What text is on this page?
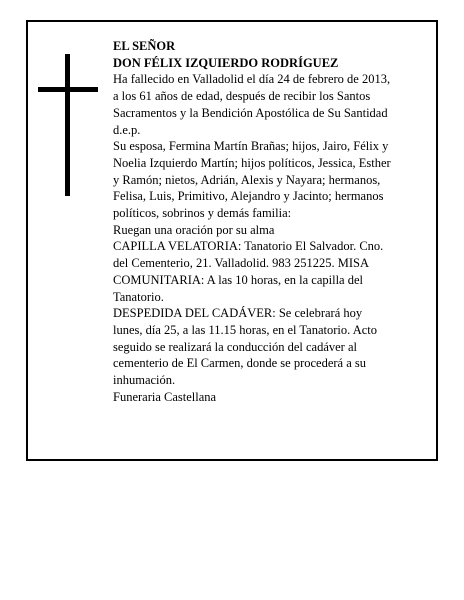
EL SEÑOR
DON FÉLIX IZQUIERDO RODRÍGUEZ

Ha fallecido en Valladolid el día 24 de febrero de 2013,
a los 61 años de edad, después de recibir los Santos
Sacramentos y la Bendición Apostólica de Su Santidad
d.e.p.

Su esposa, Fermina Martín Brañas; hijos, Jairo, Félix y
Noelia Izquierdo Martín; hijos políticos, Jessica, Esther
y Ramón; nietos, Adrián, Alexis y Nayara; hermanos,
Felisa, Luis, Primitivo, Alejandro y Jacinto; hermanos
políticos, sobrinos y demás familia:

Ruegan una oración por su alma

CAPILLA VELATORIA: Tanatorio El Salvador. Cno.
del Cementerio, 21. Valladolid. 983 251225. MISA
COMUNITARIA: A las 10 horas, en la capilla del
Tanatorio.

DESPEDIDA DEL CADÁVER: Se celebrará hoy
lunes, día 25, a las 11.15 horas, en el Tanatorio. Acto
seguido se realizará la conducción del cadáver al
cementerio de El Carmen, donde se procederá a su
inhumación.

Funeraria Castellana
